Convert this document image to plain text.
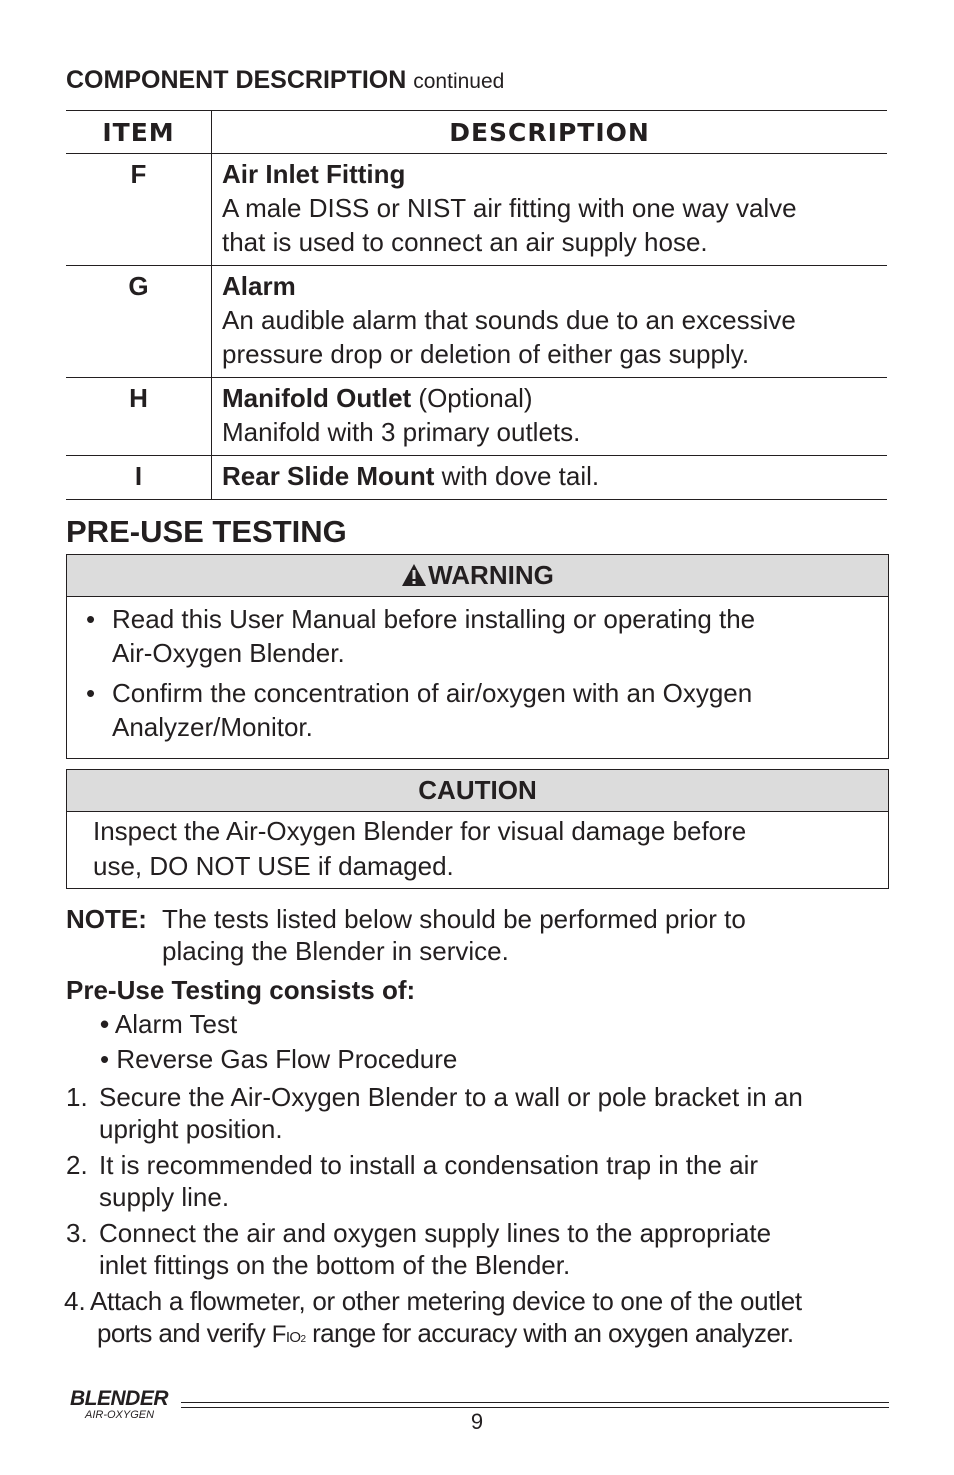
COMPONENT DESCRIPTION continued
ITEM	DESCRIPTION
F	Air Inlet Fitting
A male DISS or NIST air fitting with one way valve
that is used to connect an air supply hose.

G	Alarm
An audible alarm that sounds due to an excessive
pressure drop or deletion of either gas supply.

H	Manifold Outlet (Optional)
Manifold with 3 primary outlets.

I	Rear Slide Mount with dove tail.
PRE-USE TESTING
WARNING
• Read this User Manual before installing or operating the
Air-Oxygen Blender.
• Confirm the concentration of air/oxygen with an Oxygen
Analyzer/Monitor.
CAUTION
Inspect the Air-Oxygen Blender for visual damage before
use, DO NOT USE if damaged.
NOTE: The tests listed below should be performed prior to
placing the Blender in service.
Pre-Use Testing consists of:
• Alarm Test
• Reverse Gas Flow Procedure
1. Secure the Air-Oxygen Blender to a wall or pole bracket in an
upright position.
2. It is recommended to install a condensation trap in the air
supply line.
3. Connect the air and oxygen supply lines to the appropriate
inlet fittings on the bottom of the Blender.
4. Attach a flowmeter, or other metering device to one of the outlet
ports and verify FIO2 range for accuracy with an oxygen analyzer.
BLENDER
AIR-OXYGEN	9
